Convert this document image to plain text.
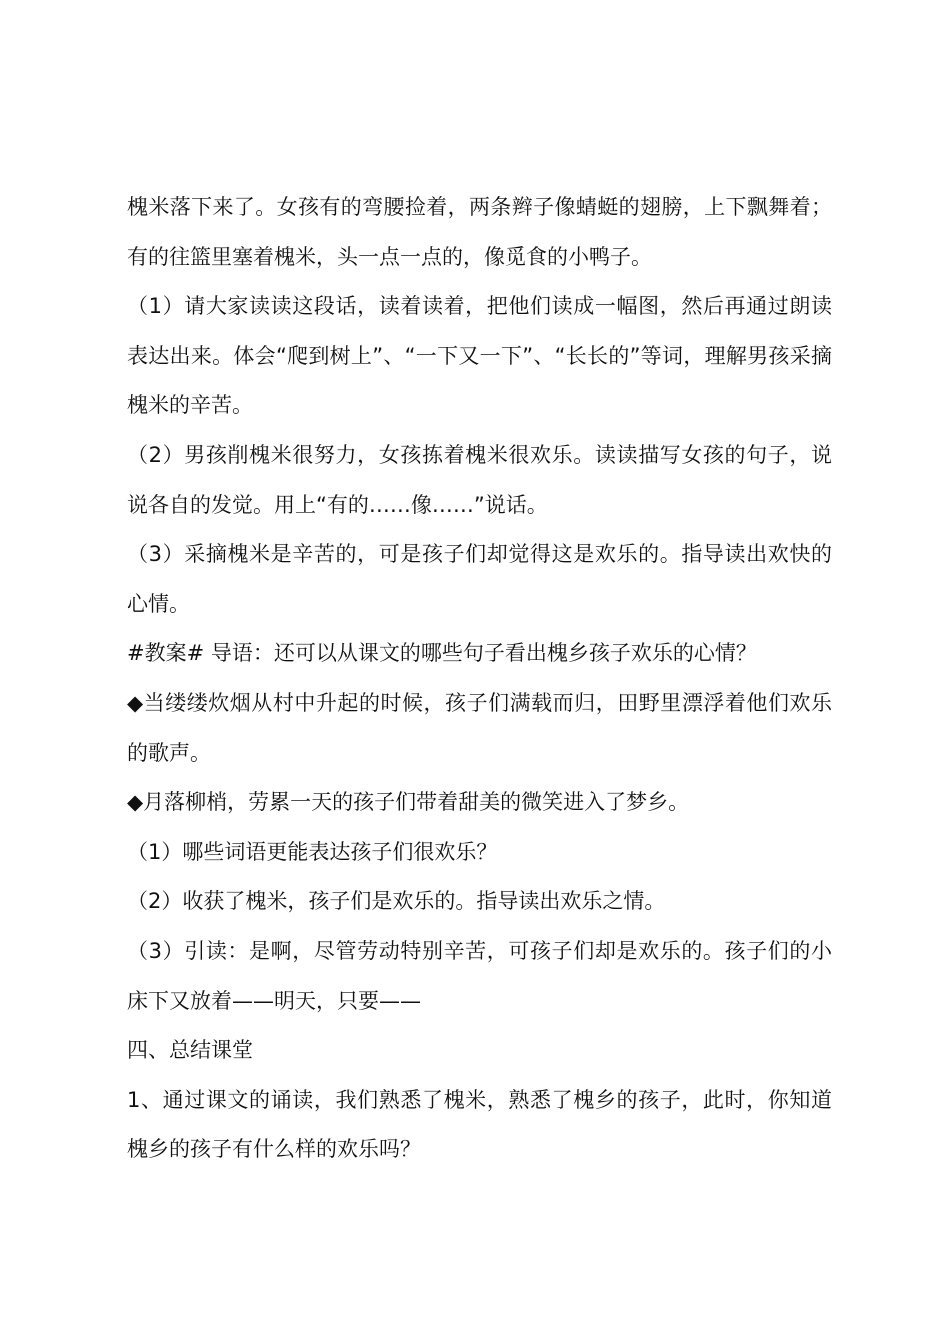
槐米落下来了。女孩有的弯腰捡着，两条辫子像蜻蜓的翅膀，上下飘舞着；有的往篮里塞着槐米，头一点一点的，像觅食的小鸭子。

（1）请大家读读这段话，读着读着，把他们读成一幅图，然后再通过朗读表达出来。体会“爬到树上”、“一下又一下”、“长长的”等词，理解男孩采摘槐米的辛苦。

（2）男孩削槐米很努力，女孩拣着槐米很欢乐。读读描写女孩的句子，说说各自的发觉。用上“有的……像……”说话。

（3）采摘槐米是辛苦的，可是孩子们却觉得这是欢乐的。指导读出欢快的心情。

#教案# 导语：还可以从课文的哪些句子看出槐乡孩子欢乐的心情？

◆当缕缕炊烟从村中升起的时候，孩子们满载而归，田野里漂浮着他们欢乐的歌声。

◆月落柳梢，劳累一天的孩子们带着甜美的微笑进入了梦乡。

（1）哪些词语更能表达孩子们很欢乐？

（2）收获了槐米，孩子们是欢乐的。指导读出欢乐之情。

（3）引读：是啊，尽管劳动特别辛苦，可孩子们却是欢乐的。孩子们的小床下又放着——明天，只要——

四、总结课堂

1、通过课文的诵读，我们熟悉了槐米，熟悉了槐乡的孩子，此时，你知道槐乡的孩子有什么样的欢乐吗？
